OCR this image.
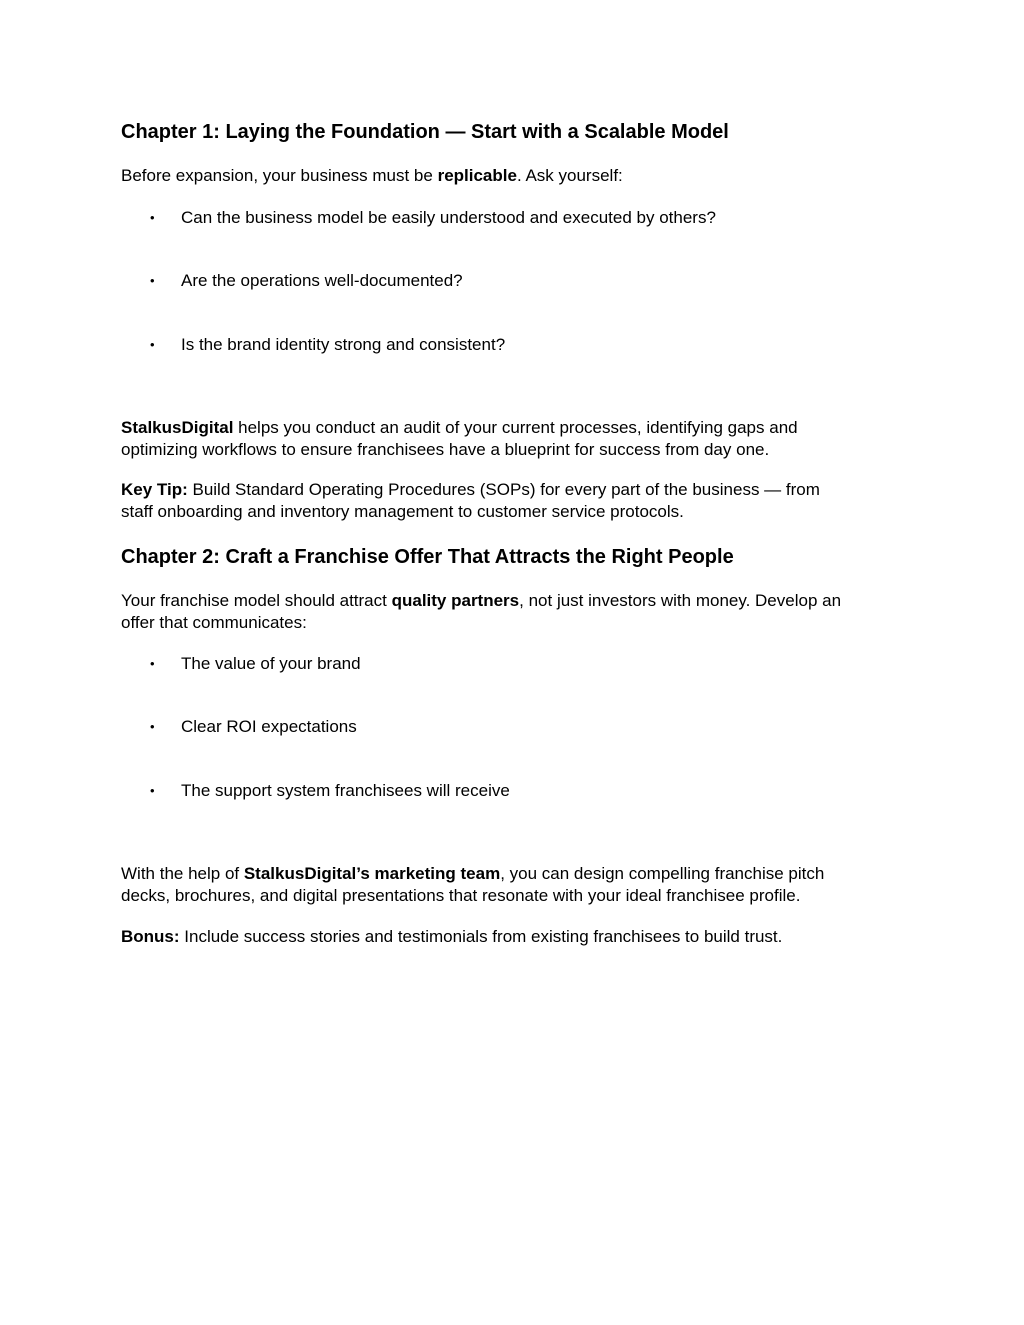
Chapter 1: Laying the Foundation — Start with a Scalable Model

Before expansion, your business must be replicable. Ask yourself:

• Can the business model be easily understood and executed by others?
• Are the operations well-documented?
• Is the brand identity strong and consistent?

StalkusDigital helps you conduct an audit of your current processes, identifying gaps and
optimizing workflows to ensure franchisees have a blueprint for success from day one.

Key Tip: Build Standard Operating Procedures (SOPs) for every part of the business — from
staff onboarding and inventory management to customer service protocols.

Chapter 2: Craft a Franchise Offer That Attracts the Right People

Your franchise model should attract quality partners, not just investors with money. Develop an
offer that communicates:

• The value of your brand
• Clear ROI expectations
• The support system franchisees will receive

With the help of StalkusDigital’s marketing team, you can design compelling franchise pitch
decks, brochures, and digital presentations that resonate with your ideal franchisee profile.

Bonus: Include success stories and testimonials from existing franchisees to build trust.
